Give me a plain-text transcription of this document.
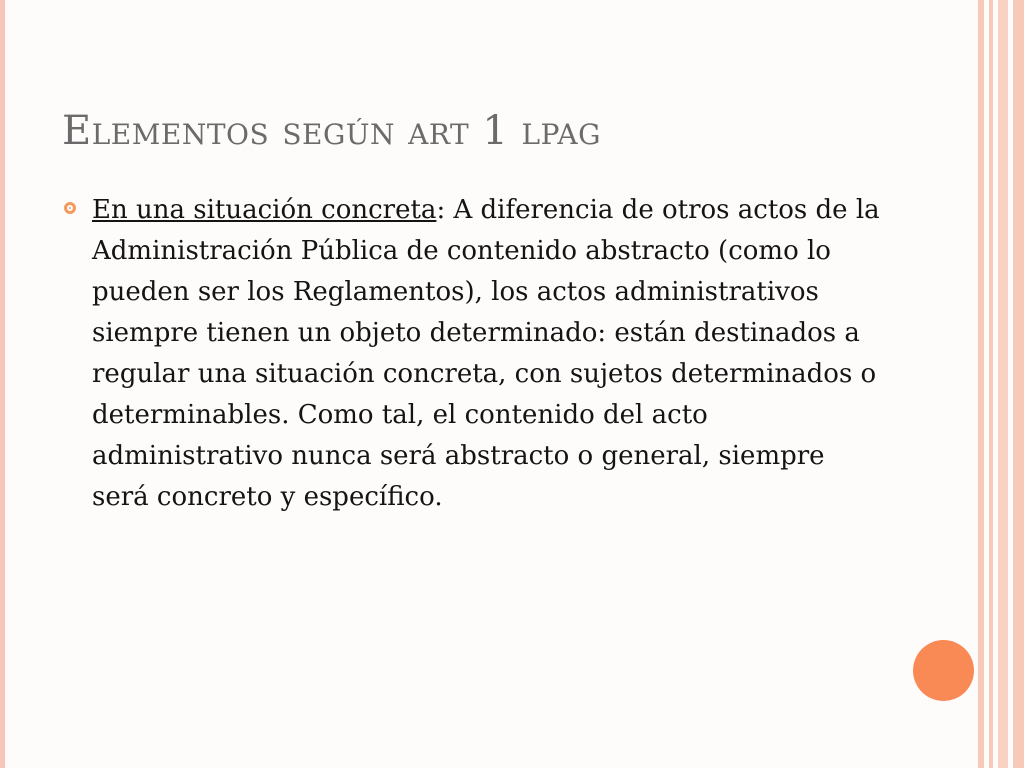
Elementos según art 1 lpag

En una situación concreta: A diferencia de otros actos de la Administración Pública de contenido abstracto (como lo pueden ser los Reglamentos), los actos administrativos siempre tienen un objeto determinado: están destinados a regular una situación concreta, con sujetos determinados o determinables. Como tal, el contenido del acto administrativo nunca será abstracto o general, siempre será concreto y específico.
